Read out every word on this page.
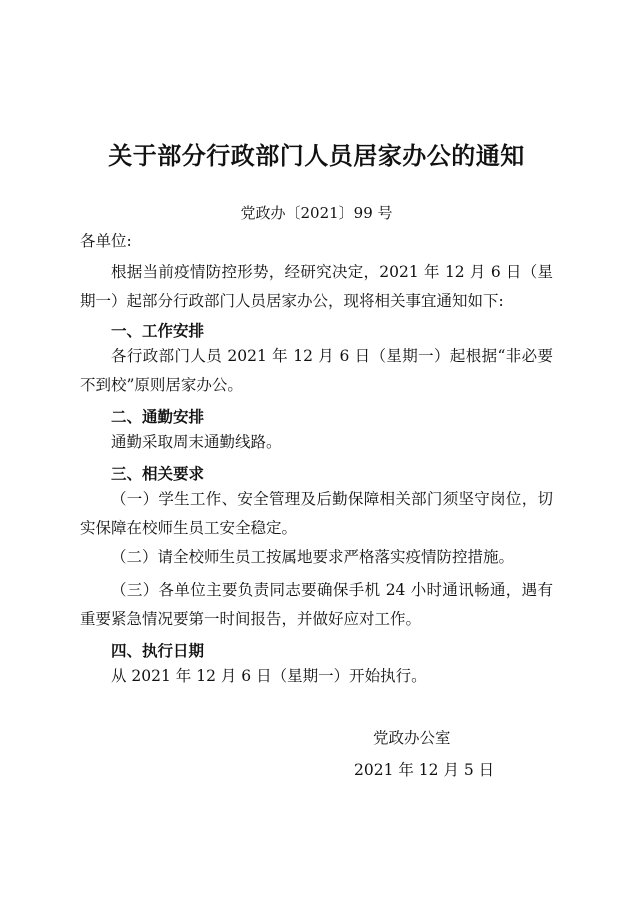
关于部分行政部门人员居家办公的通知
党政办〔2021〕99 号
各单位:
根据当前疫情防控形势，经研究决定，2021 年 12 月 6 日（星期一）起部分行政部门人员居家办公，现将相关事宜通知如下:
一、工作安排
各行政部门人员 2021 年 12 月 6 日（星期一）起根据“非必要不到校”原则居家办公。
二、通勤安排
通勤采取周末通勤线路。
三、相关要求
（一）学生工作、安全管理及后勤保障相关部门须坚守岗位，切实保障在校师生员工安全稳定。
（二）请全校师生员工按属地要求严格落实疫情防控措施。
（三）各单位主要负责同志要确保手机 24 小时通讯畅通，遇有重要紧急情况要第一时间报告，并做好应对工作。
四、执行日期
从 2021 年 12 月 6 日（星期一）开始执行。
党政办公室
2021 年 12 月 5 日
